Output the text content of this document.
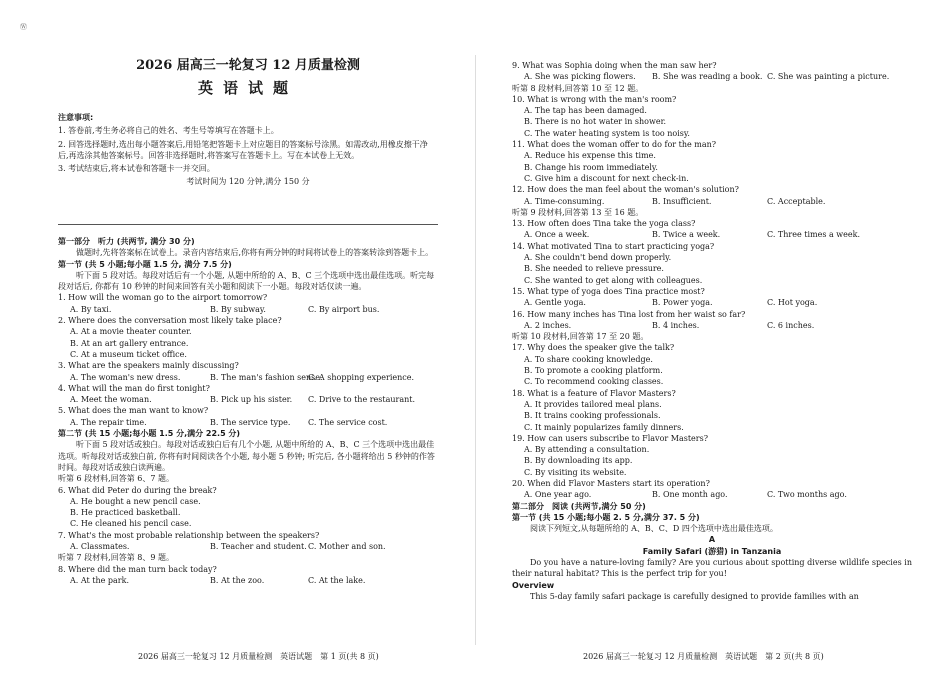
Ⓦ
2026 届高三一轮复习 12 月质量检测
英语试题
注意事项:
1. 答卷前,考生务必将自己的姓名、考生号等填写在答题卡上。
2. 回答选择题时,选出每小题答案后,用铅笔把答题卡上对应题目的答案标号涂黑。如需改动,用橡皮擦干净后,再选涂其他答案标号。回答非选择题时,将答案写在答题卡上。写在本试卷上无效。
3. 考试结束后,将本试卷和答题卡一并交回。
考试时间为 120 分钟,满分 150 分
第一部分　听力 (共两节, 满分 30 分)
做题时,先将答案标在试卷上。录音内容结束后,你将有两分钟的时间将试卷上的答案转涂到答题卡上。
第一节 (共 5 小题;每小题 1.5 分, 满分 7.5 分)
听下面 5 段对话。每段对话后有一个小题, 从题中所给的 A、B、C 三个选项中选出最佳选项。听完每段对话后, 你都有 10 秒钟的时间来回答有关小题和阅读下一小题。每段对话仅读一遍。
1. How will the woman go to the airport tomorrow?
A. By taxi.	B. By subway.	C. By airport bus.
2. Where does the conversation most likely take place?
A. At a movie theater counter.
B. At an art gallery entrance.
C. At a museum ticket office.
3. What are the speakers mainly discussing?
A. The woman's new dress.	B. The man's fashion sense.
C. A shopping experience.
4. What will the man do first tonight?
A. Meet the woman.	B. Pick up his sister.	C. Drive to the restaurant.
5. What does the man want to know?
A. The repair time.	B. The service type.	C. The service cost.
第二节 (共 15 小题;每小题 1.5 分,满分 22.5 分)
听下面 5 段对话或独白。每段对话或独白后有几个小题, 从题中所给的 A、B、C 三个选项中选出最佳选项。听每段对话或独白前, 你将有时间阅读各个小题, 每小题 5 秒钟; 听完后, 各小题将给出 5 秒钟的作答时间。每段对话或独白读两遍。
听第 6 段材料,回答第 6、7 题。
6. What did Peter do during the break?
A. He bought a new pencil case.
B. He practiced basketball.
C. He cleaned his pencil case.
7. What's the most probable relationship between the speakers?
A. Classmates.	B. Teacher and student. C. Mother and son.
听第 7 段材料,回答第 8、9 题。
8. Where did the man turn back today?
A. At the park.	B. At the zoo.	C. At the lake.
9. What was Sophia doing when the man saw her?
A. She was picking flowers.	B. She was reading a book. C. She was painting a picture.
听第 8 段材料,回答第 10 至 12 题。
10. What is wrong with the man's room?
A. The tap has been damaged.
B. There is no hot water in shower.
C. The water heating system is too noisy.
11. What does the woman offer to do for the man?
A. Reduce his expense this time.
B. Change his room immediately.
C. Give him a discount for next check-in.
12. How does the man feel about the woman's solution?
A. Time-consuming.	B. Insufficient.	C. Acceptable.
听第 9 段材料,回答第 13 至 16 题。
13. How often does Tina take the yoga class?
A. Once a week.	B. Twice a week.	C. Three times a week.
14. What motivated Tina to start practicing yoga?
A. She couldn't bend down properly.
B. She needed to relieve pressure.
C. She wanted to get along with colleagues.
15. What type of yoga does Tina practice most?
A. Gentle yoga.	B. Power yoga.	C. Hot yoga.
16. How many inches has Tina lost from her waist so far?
A. 2 inches.	B. 4 inches.	C. 6 inches.
听第 10 段材料,回答第 17 至 20 题。
17. Why does the speaker give the talk?
A. To share cooking knowledge.
B. To promote a cooking platform.
C. To recommend cooking classes.
18. What is a feature of Flavor Masters?
A. It provides tailored meal plans.
B. It trains cooking professionals.
C. It mainly popularizes family dinners.
19. How can users subscribe to Flavor Masters?
A. By attending a consultation.
B. By downloading its app.
C. By visiting its website.
20. When did Flavor Masters start its operation?
A. One year ago.	B. One month ago.	C. Two months ago.
第二部分　阅读 (共两节,满分 50 分)
第一节 (共 15 小题;每小题 2. 5 分,满分 37. 5 分)
阅读下列短文,从每题所给的 A、B、C、D 四个选项中选出最佳选项。
A
Family Safari (游猎) in Tanzania
Do you have a nature-loving family? Are you curious about spotting diverse wildlife species in their natural habitat? This is the perfect trip for you!
Overview
This 5-day family safari package is carefully designed to provide families with an
2026 届高三一轮复习 12 月质量检测　英语试题　第 1 页(共 8 页)	2026 届高三一轮复习 12 月质量检测　英语试题　第 2 页(共 8 页)
